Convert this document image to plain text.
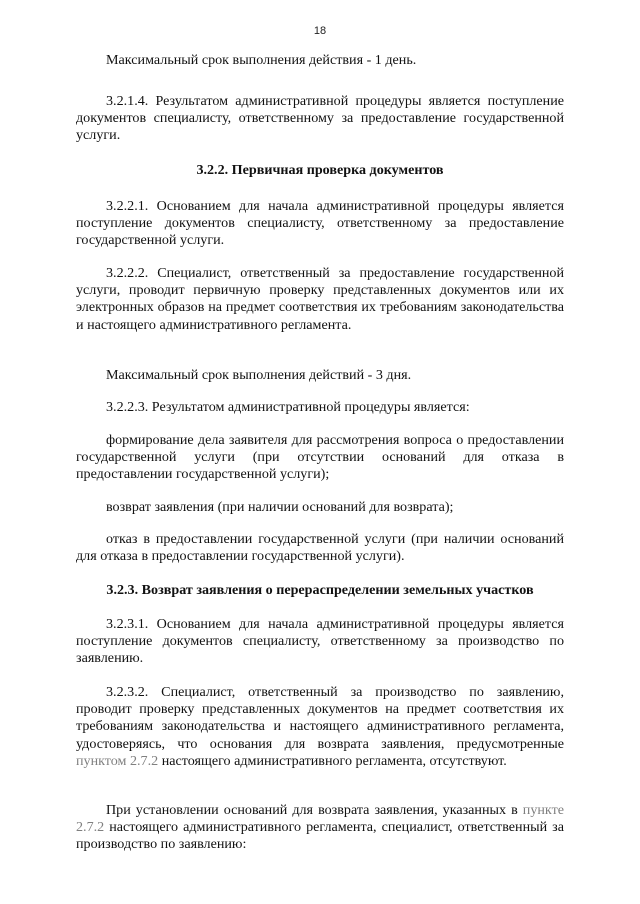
18

Максимальный срок выполнения действия - 1 день.

3.2.1.4. Результатом административной процедуры является поступление документов специалисту, ответственному за предоставление государственной услуги.

3.2.2. Первичная проверка документов

3.2.2.1. Основанием для начала административной процедуры является поступление документов специалисту, ответственному за предоставление государственной услуги.

3.2.2.2. Специалист, ответственный за предоставление государственной услуги, проводит первичную проверку представленных документов или их электронных образов на предмет соответствия их требованиям законодательства и настоящего административного регламента.

Максимальный срок выполнения действий - 3 дня.

3.2.2.3. Результатом административной процедуры является:

формирование дела заявителя для рассмотрения вопроса о предоставлении государственной услуги (при отсутствии оснований для отказа в предоставлении государственной услуги);

возврат заявления (при наличии оснований для возврата);

отказ в предоставлении государственной услуги (при наличии оснований для отказа в предоставлении государственной услуги).

3.2.3. Возврат заявления о перераспределении земельных участков

3.2.3.1. Основанием для начала административной процедуры является поступление документов специалисту, ответственному за производство по заявлению.

3.2.3.2. Специалист, ответственный за производство по заявлению, проводит проверку представленных документов на предмет соответствия их требованиям законодательства и настоящего административного регламента, удостоверяясь, что основания для возврата заявления, предусмотренные пунктом 2.7.2 настоящего административного регламента, отсутствуют.

При установлении оснований для возврата заявления, указанных в пункте 2.7.2 настоящего административного регламента, специалист, ответственный за производство по заявлению:
